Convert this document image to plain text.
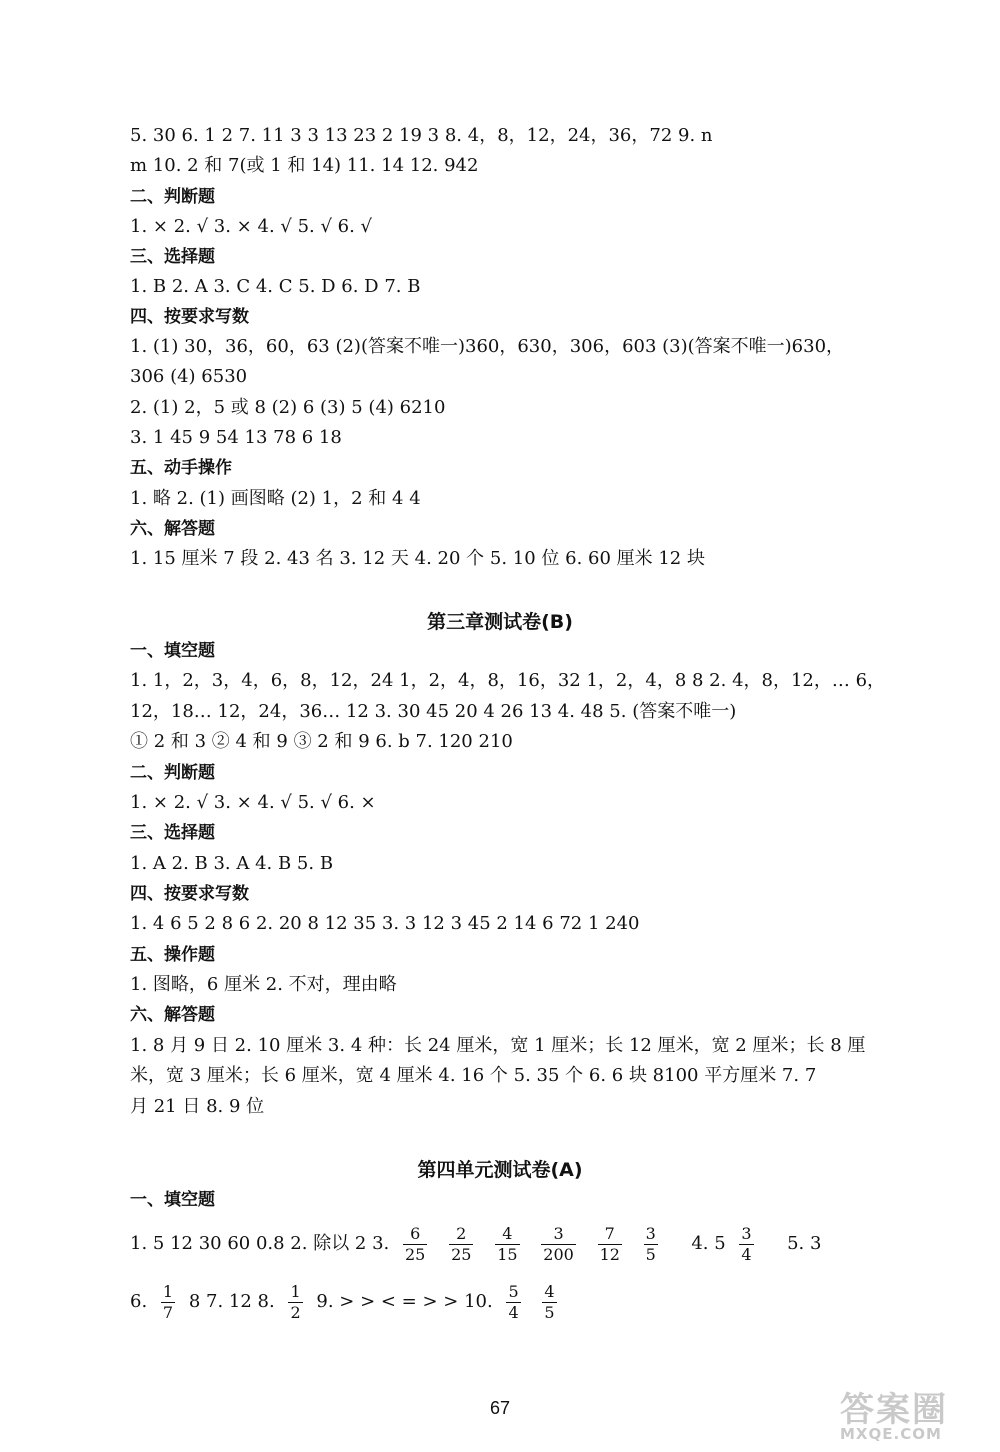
5. 30 6. 1 2 7. 11 3 3 13 23 2 19 3 8. 4，8，12，24，36，72 9. n
m 10. 2 和 7(或 1 和 14) 11. 14 12. 942
二、判断题
1. × 2. √ 3. × 4. √ 5. √ 6. √
三、选择题
1. B 2. A 3. C 4. C 5. D 6. D 7. B
四、按要求写数
1. (1) 30，36，60，63 (2)(答案不唯一)360，630，306，603 (3)(答案不唯一)630，
306 (4) 6530
2. (1) 2，5 或 8 (2) 6 (3) 5 (4) 6210
3. 1 45 9 54 13 78 6 18
五、动手操作
1. 略 2. (1) 画图略 (2) 1，2 和 4 4
六、解答题
1. 15 厘米 7 段 2. 43 名 3. 12 天 4. 20 个 5. 10 位 6. 60 厘米 12 块
第三章测试卷(B)
一、填空题
1. 1，2，3，4，6，8，12，24 1，2，4，8，16，32 1，2，4，8 8 2. 4，8，12，… 6，
12，18… 12，24，36… 12 3. 30 45 20 4 26 13 4. 48 5. (答案不唯一)
① 2 和 3 ② 4 和 9 ③ 2 和 9 6. b 7. 120 210
二、判断题
1. × 2. √ 3. × 4. √ 5. √ 6. ×
三、选择题
1. A 2. B 3. A 4. B 5. B
四、按要求写数
1. 4 6 5 2 8 6 2. 20 8 12 35 3. 3 12 3 45 2 14 6 72 1 240
五、操作题
1. 图略，6 厘米 2. 不对，理由略
六、解答题
1. 8 月 9 日 2. 10 厘米 3. 4 种：长 24 厘米，宽 1 厘米；长 12 厘米，宽 2 厘米；长 8 厘
米，宽 3 厘米；长 6 厘米，宽 4 厘米 4. 16 个 5. 35 个 6. 6 块 8100 平方厘米 7. 7
月 21 日 8. 9 位
第四单元测试卷(A)
一、填空题
1. 5 12 30 60 0.8 2. 除以 2 3. $\frac{6}{25}$
$\frac{2}{25}$
$\frac{4}{15}$
$\frac{3}{200}$
$\frac{7}{12}$
$\frac{3}{5} 4$. $5 \frac{3}{4} 5$. 3
6. $\frac{1}{7} 8$ 7. 12 8. $\frac{1}{2} 9$. > > < = > > 10. $\frac{5}{4}$
$\frac{4}{5}$
67	答案圈
MXQE.COM
